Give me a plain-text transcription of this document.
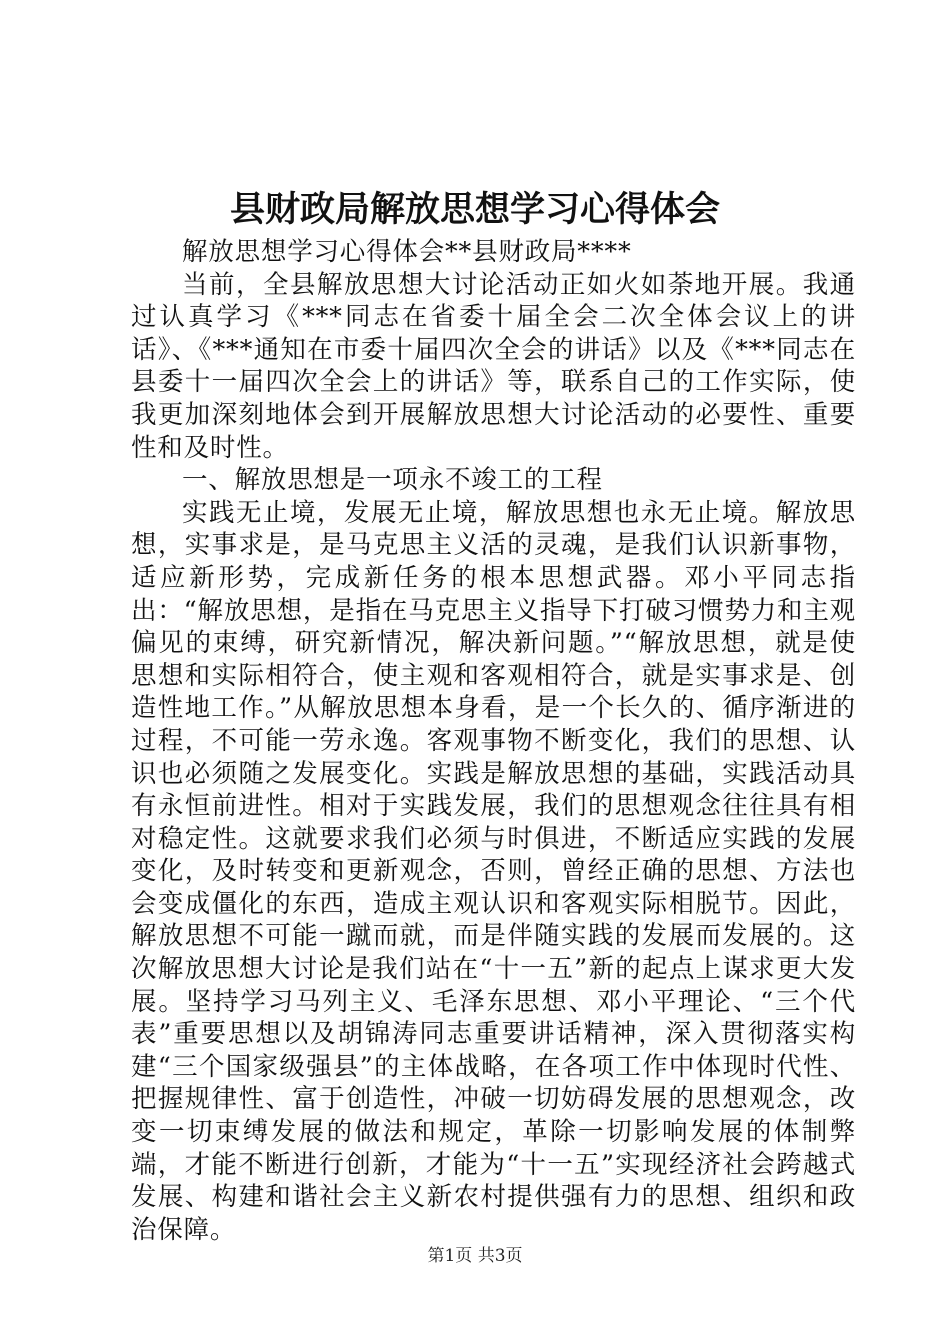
县财政局解放思想学习心得体会

解放思想学习心得体会**县财政局****

当前，全县解放思想大讨论活动正如火如荼地开展。我通过认真学习《***同志在省委十届全会二次全体会议上的讲话》、《***通知在市委十届四次全会的讲话》以及《***同志在县委十一届四次全会上的讲话》等，联系自己的工作实际，使我更加深刻地体会到开展解放思想大讨论活动的必要性、重要性和及时性。

一、解放思想是一项永不竣工的工程

实践无止境，发展无止境，解放思想也永无止境。解放思想，实事求是，是马克思主义活的灵魂，是我们认识新事物，适应新形势，完成新任务的根本思想武器。邓小平同志指出：“解放思想，是指在马克思主义指导下打破习惯势力和主观偏见的束缚，研究新情况，解决新问题。”“解放思想，就是使思想和实际相符合，使主观和客观相符合，就是实事求是、创造性地工作。”从解放思想本身看，是一个长久的、循序渐进的过程，不可能一劳永逸。客观事物不断变化，我们的思想、认识也必须随之发展变化。实践是解放思想的基础，实践活动具有永恒前进性。相对于实践发展，我们的思想观念往往具有相对稳定性。这就要求我们必须与时俱进，不断适应实践的发展变化，及时转变和更新观念，否则，曾经正确的思想、方法也会变成僵化的东西，造成主观认识和客观实际相脱节。因此，解放思想不可能一蹴而就，而是伴随实践的发展而发展的。这次解放思想大讨论是我们站在“十一五”新的起点上谋求更大发展。坚持学习马列主义、毛泽东思想、邓小平理论、“三个代表”重要思想以及胡锦涛同志重要讲话精神，深入贯彻落实构建“三个国家级强县”的主体战略，在各项工作中体现时代性、把握规律性、富于创造性，冲破一切妨碍发展的思想观念，改变一切束缚发展的做法和规定，革除一切影响发展的体制弊端，才能不断进行创新，才能为“十一五”实现经济社会跨越式发展、构建和谐社会主义新农村提供强有力的思想、组织和政治保障。

第1页 共3页
